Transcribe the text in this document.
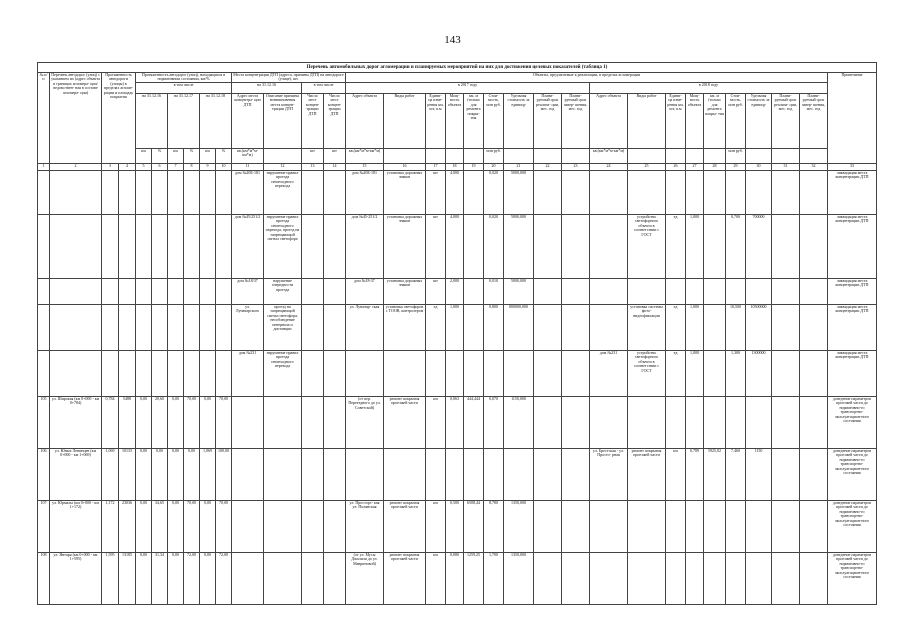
143
Перечень автомобильных дорог агломерации и планируемых мероприятий на них для достижения целевых показателей (таблица 1)																																
№ п/п	Перечень автодорог (улиц) с указанием их (адрес объекта в границах агломера- ции/ведомствен- ная в составе агломера- ции)	Протяженность автодороги (улицы) в пределах агломе- рации и площадь покрытия		Протяженность автодорог (улиц), находящихся в нормативном состоянии, км/%						Места концентрации ДТП (адреса, причины ДТП) на автодороге (улице), шт.				Объекты, предлагаемые к реализации, в пределах агломерации																		Примечание
				в том числе						на 31.12.16		в том числе		в 2017 году									в 2018 году									
				на 31.12.16		на 31.12.17		на 31.12.18		Адрес места концентра- ции ДТП	Описание причины возникновения места концен- трации ДТП	Число мест концен- трации ДТП	Число мест концен- трации ДТП	Адрес объекта	Виды работ	Едини- ца изме- рения км, шт, п.м	Мощ- ность объекта	км. м (только для ремонта покры- тия	Стои- мость, млн руб.	Удельная стоимость за единицу	Плани- руемый срок реализа- ции, мес. год	Плани- руемый срок завер- шения, мес. год	Адрес объекта	Виды работ	Едини- ца изме- рения км, шт, п.м	Мощ- ность объекта	км. м (только для ремонта покры- тия	Стои- мость, млн руб.	Удельная стоимость за единицу	Плани- руемый срок реализа- ции, мес. год	Плани- руемый срок завер- шения, мес. год	
				км	%	км	%	км	%	кв.(км*м*м-км*м)		шт	шт	кв.(км*м*м-км*м)					млн руб.				кв.(км*м*м-км*м)					млн руб.				
1	2	3	4	5	6	7	8	9	10	11	12	13	14	15	16	17	18	19	20	21	22	23	24	25	26	27	28	29	30	31	32	33
										дом №20Б-181	нарушение правил проезда пешеходного перехода			дом №20Б-181	установка дорожных знаков	шт	4,000		0,020	5000,000												ликвидация места концентрации ДТП
										дом №45/251/2	нарушение правил проезда пешеходного перехода, проезд на запрещающий сигнал светофора			дом №45-251/2	установка дорожных знаков	шт	4,000		0,020	5000,000				устройство светофорного объекта в соответствии с ГОСТ	ед	1,000		0,700	700000			ликвидация места концентрации ДТП
										дом №18/37	нарушение очередности проезда			дом №18-37	установка дорожных знаков	шт	2,000		0,010	5000,000												ликвидация места концентрации ДТП
										ул. Луначарского	проезд на запрещающий сигнал светофора, несоблюдение интервала и дистанции			ул. Луначар- ская	установка светофоров с ТООВ, контролером	ед	1,000		0,800	800000,000				установка системы фото- видеофиксации	ед	1,000		10,500	10500000			ликвидация места концентрации ДТП
										дом №231	нарушение правил проезда пешеходного перехода												дом №231	устройство светофорного объекта в соответствии с ГОСТ	ед	1,000		1,300	1300000			ликвидация места концентрации ДТП
105	ул. Широкая (км 0+000 - км 0+784)	0,784	5488	0,00	20,60	0,00	70,00	0,00	70,00					(от пер. Переездного до ул. Советской)	ремонт покрытия проезжей части	км	0,063	444,444	0,070	1150,000												доведение параметров проезжей части до нормативно-го транспортно-эксплуатацион-ного состояния
106	ул. Юных Ленинцев (км 0+000 - км 1+069)	1,069	10133	0,00	0,00	0,00	0,00	1,069	100,00														ул. Брестская - ул. Просто- рная	ремонт покрытия проезжей части	км	0,789	5925,02	7,460	1150			доведение параметров проезжей части до нормативно-го транспортно-эксплуатацион-ного состояния
107	ул. Юрмалы (км 0+000 - км 1+172)	1,172	23036	0,00	34,65	0,00	70,00	0,00	70,00					ул. Просторс- кая ул. Полянская	ремонт покрытия проезжей части	км	0,500	6508,44	8,780	1350,000												доведение параметров проезжей части до нормативно-го транспортно-эксплуатацион-ного состояния
108	ул. Янтаря (км 0+000 - км 1+595)	1,595	13185	0,00	31,34	0,00	72,00	0,00	72,00					(от ул. Мусы Джалиля до ул. Мавриновой)	ремонт покрытия проезжей части	км	0,080	1259,25	1,700	1350,000												доведение параметров проезжей части до нормативно-го транспортно-эксплуатацион-ного состояния
